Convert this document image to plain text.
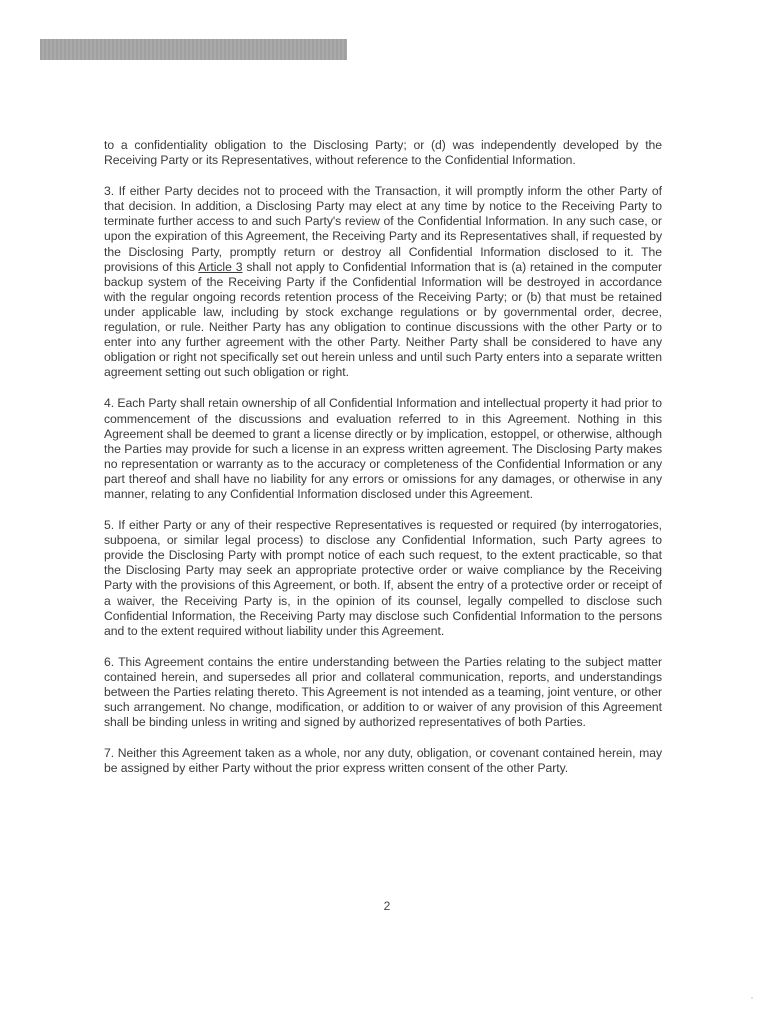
to a confidentiality obligation to the Disclosing Party; or (d) was independently developed by the Receiving Party or its Representatives, without reference to the Confidential Information.

3. If either Party decides not to proceed with the Transaction, it will promptly inform the other Party of that decision. In addition, a Disclosing Party may elect at any time by notice to the Receiving Party to terminate further access to and such Party's review of the Confidential Information. In any such case, or upon the expiration of this Agreement, the Receiving Party and its Representatives shall, if requested by the Disclosing Party, promptly return or destroy all Confidential Information disclosed to it. The provisions of this Article 3 shall not apply to Confidential Information that is (a) retained in the computer backup system of the Receiving Party if the Confidential Information will be destroyed in accordance with the regular ongoing records retention process of the Receiving Party; or (b) that must be retained under applicable law, including by stock exchange regulations or by governmental order, decree, regulation, or rule. Neither Party has any obligation to continue discussions with the other Party or to enter into any further agreement with the other Party. Neither Party shall be considered to have any obligation or right not specifically set out herein unless and until such Party enters into a separate written agreement setting out such obligation or right.

4. Each Party shall retain ownership of all Confidential Information and intellectual property it had prior to commencement of the discussions and evaluation referred to in this Agreement. Nothing in this Agreement shall be deemed to grant a license directly or by implication, estoppel, or otherwise, although the Parties may provide for such a license in an express written agreement. The Disclosing Party makes no representation or warranty as to the accuracy or completeness of the Confidential Information or any part thereof and shall have no liability for any errors or omissions for any damages, or otherwise in any manner, relating to any Confidential Information disclosed under this Agreement.

5. If either Party or any of their respective Representatives is requested or required (by interrogatories, subpoena, or similar legal process) to disclose any Confidential Information, such Party agrees to provide the Disclosing Party with prompt notice of each such request, to the extent practicable, so that the Disclosing Party may seek an appropriate protective order or waive compliance by the Receiving Party with the provisions of this Agreement, or both. If, absent the entry of a protective order or receipt of a waiver, the Receiving Party is, in the opinion of its counsel, legally compelled to disclose such Confidential Information, the Receiving Party may disclose such Confidential Information to the persons and to the extent required without liability under this Agreement.

6. This Agreement contains the entire understanding between the Parties relating to the subject matter contained herein, and supersedes all prior and collateral communication, reports, and understandings between the Parties relating thereto. This Agreement is not intended as a teaming, joint venture, or other such arrangement. No change, modification, or addition to or waiver of any provision of this Agreement shall be binding unless in writing and signed by authorized representatives of both Parties.

7. Neither this Agreement taken as a whole, nor any duty, obligation, or covenant contained herein, may be assigned by either Party without the prior express written consent of the other Party.

2
